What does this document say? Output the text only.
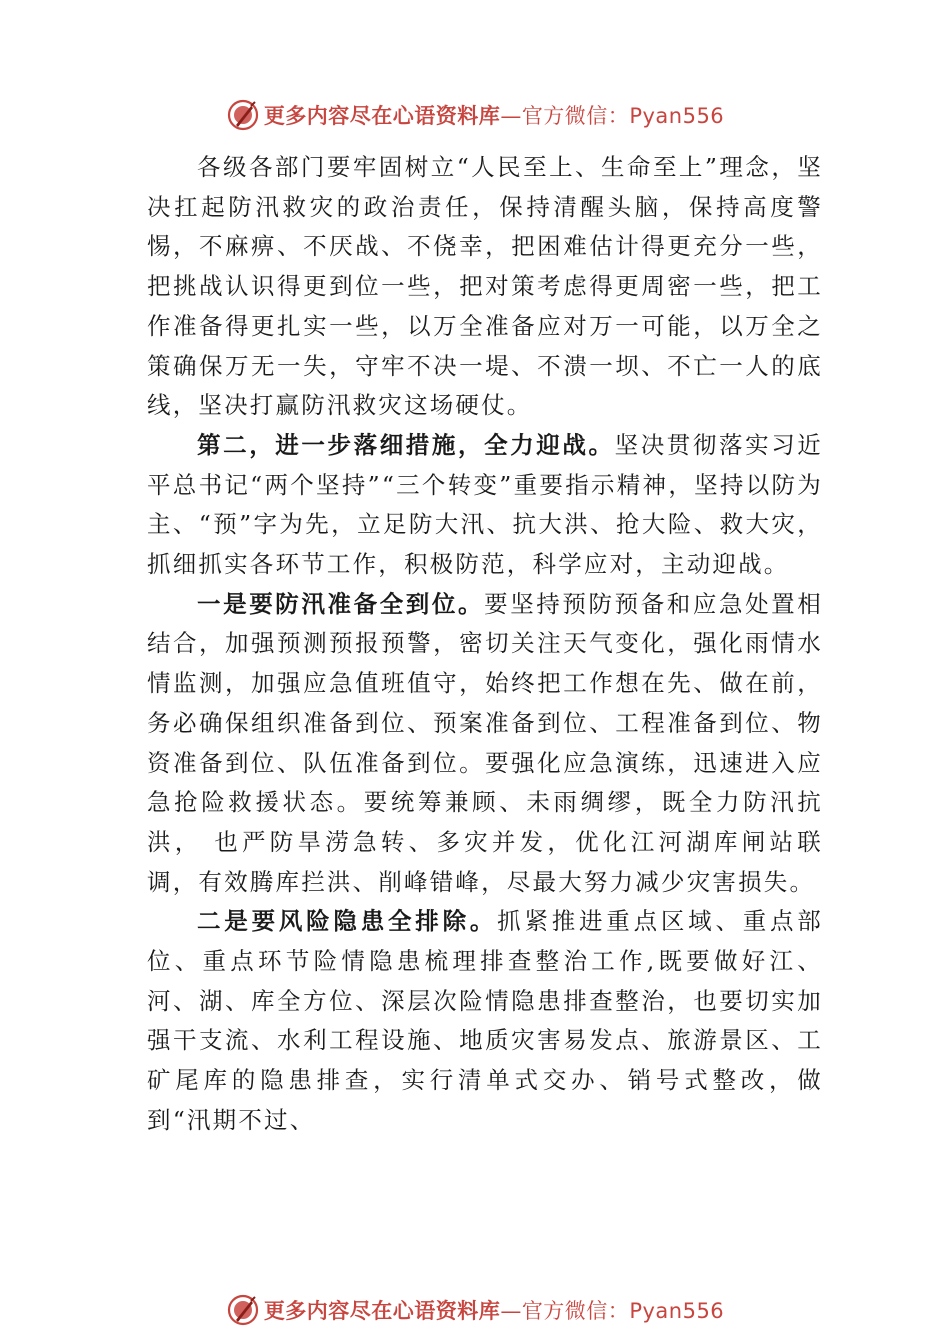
更多内容尽在心语资料库—官方微信：Pyan556

各级各部门要牢固树立“人民至上、生命至上”理念，坚决扛起防汛救灾的政治责任，保持清醒头脑，保持高度警惕，不麻痹、不厌战、不侥幸，把困难估计得更充分一些， 把挑战认识得更到位一些，把对策考虑得更周密一些，把工作准备得更扎实一些，以万全准备应对万一可能，以万全之策确保万无一失，守牢不决一堤、不溃一坝、不亡一人的底线，坚决打赢防汛救灾这场硬仗。

第二，进一步落细措施，全力迎战。坚决贯彻落实习近平总书记“两个坚持”“三个转变”重要指示精神，坚持以防为主、“预”字为先，立足防大汛、抗大洪、抢大险、救大灾，抓细抓实各环节工作，积极防范，科学应对，主动迎战。

一是要防汛准备全到位。要坚持预防预备和应急处置相结合，加强预测预报预警，密切关注天气变化，强化雨情水情监测，加强应急值班值守，始终把工作想在先、做在前， 务必确保组织准备到位、预案准备到位、工程准备到位、物资准备到位、队伍准备到位。要强化应急演练，迅速进入应急抢险救援状态。要统筹兼顾、未雨绸缪，既全力防汛抗洪， 也严防旱涝急转、多灾并发，优化江河湖库闸站联调，有效腾库拦洪、削峰错峰，尽最大努力减少灾害损失。

二是要风险隐患全排除。抓紧推进重点区域、重点部位、重点环节险情隐患梳理排查整治工作,既要做好江、河、湖、库全方位、深层次险情隐患排查整治，也要切实加强干支流、水利工程设施、地质灾害易发点、旅游景区、工矿尾库的隐患排查，实行清单式交办、销号式整改，做到“汛期不过、

更多内容尽在心语资料库—官方微信：Pyan556
